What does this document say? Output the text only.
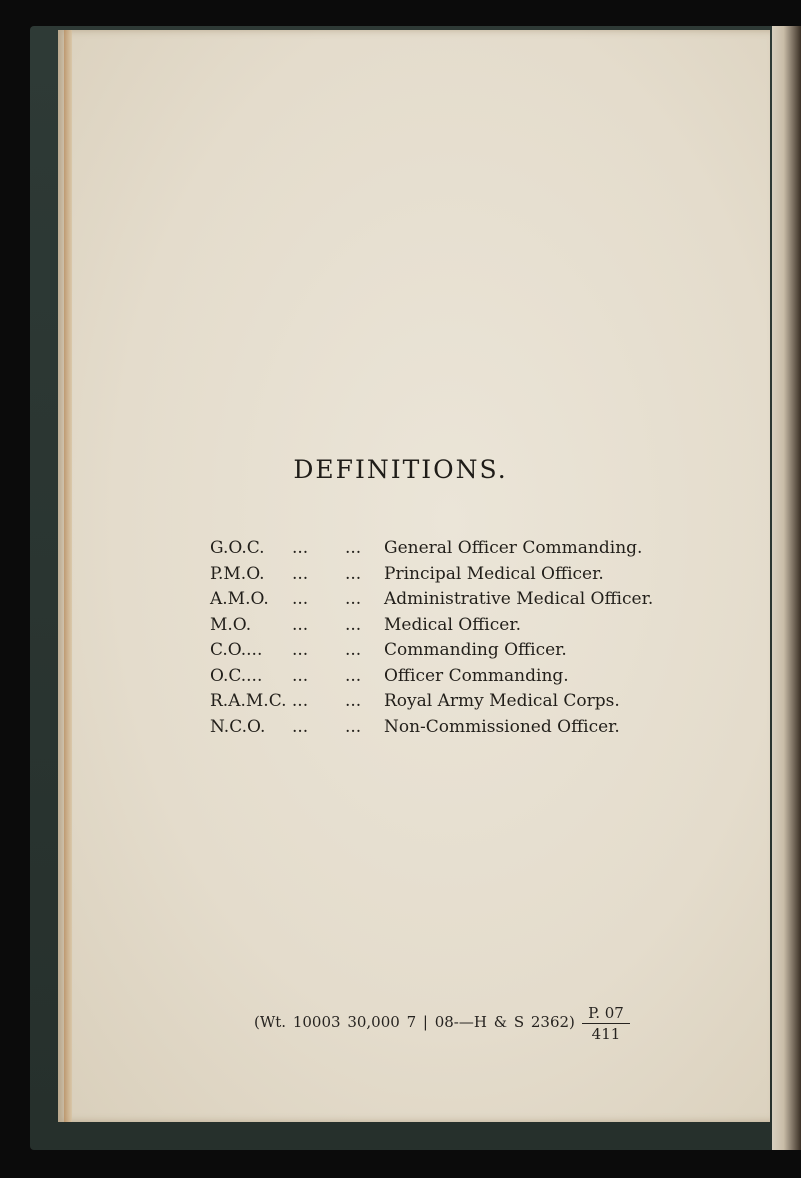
DEFINITIONS.
G.O.C. ... ... General Officer Commanding.
P.M.O. ... ... Principal Medical Officer.
A.M.O. ... ... Administrative Medical Officer.
M.O. ... ... Medical Officer.
C.O.... ... ... Commanding Officer.
O.C.... ... ... Officer Commanding.
R.A.M.C. ... ... Royal Army Medical Corps.
N.C.O. ... ... Non-Commissioned Officer.
(Wt. 10003 30,000 7 | 08-—H & S $2362) \frac{P. 07}{411}$
